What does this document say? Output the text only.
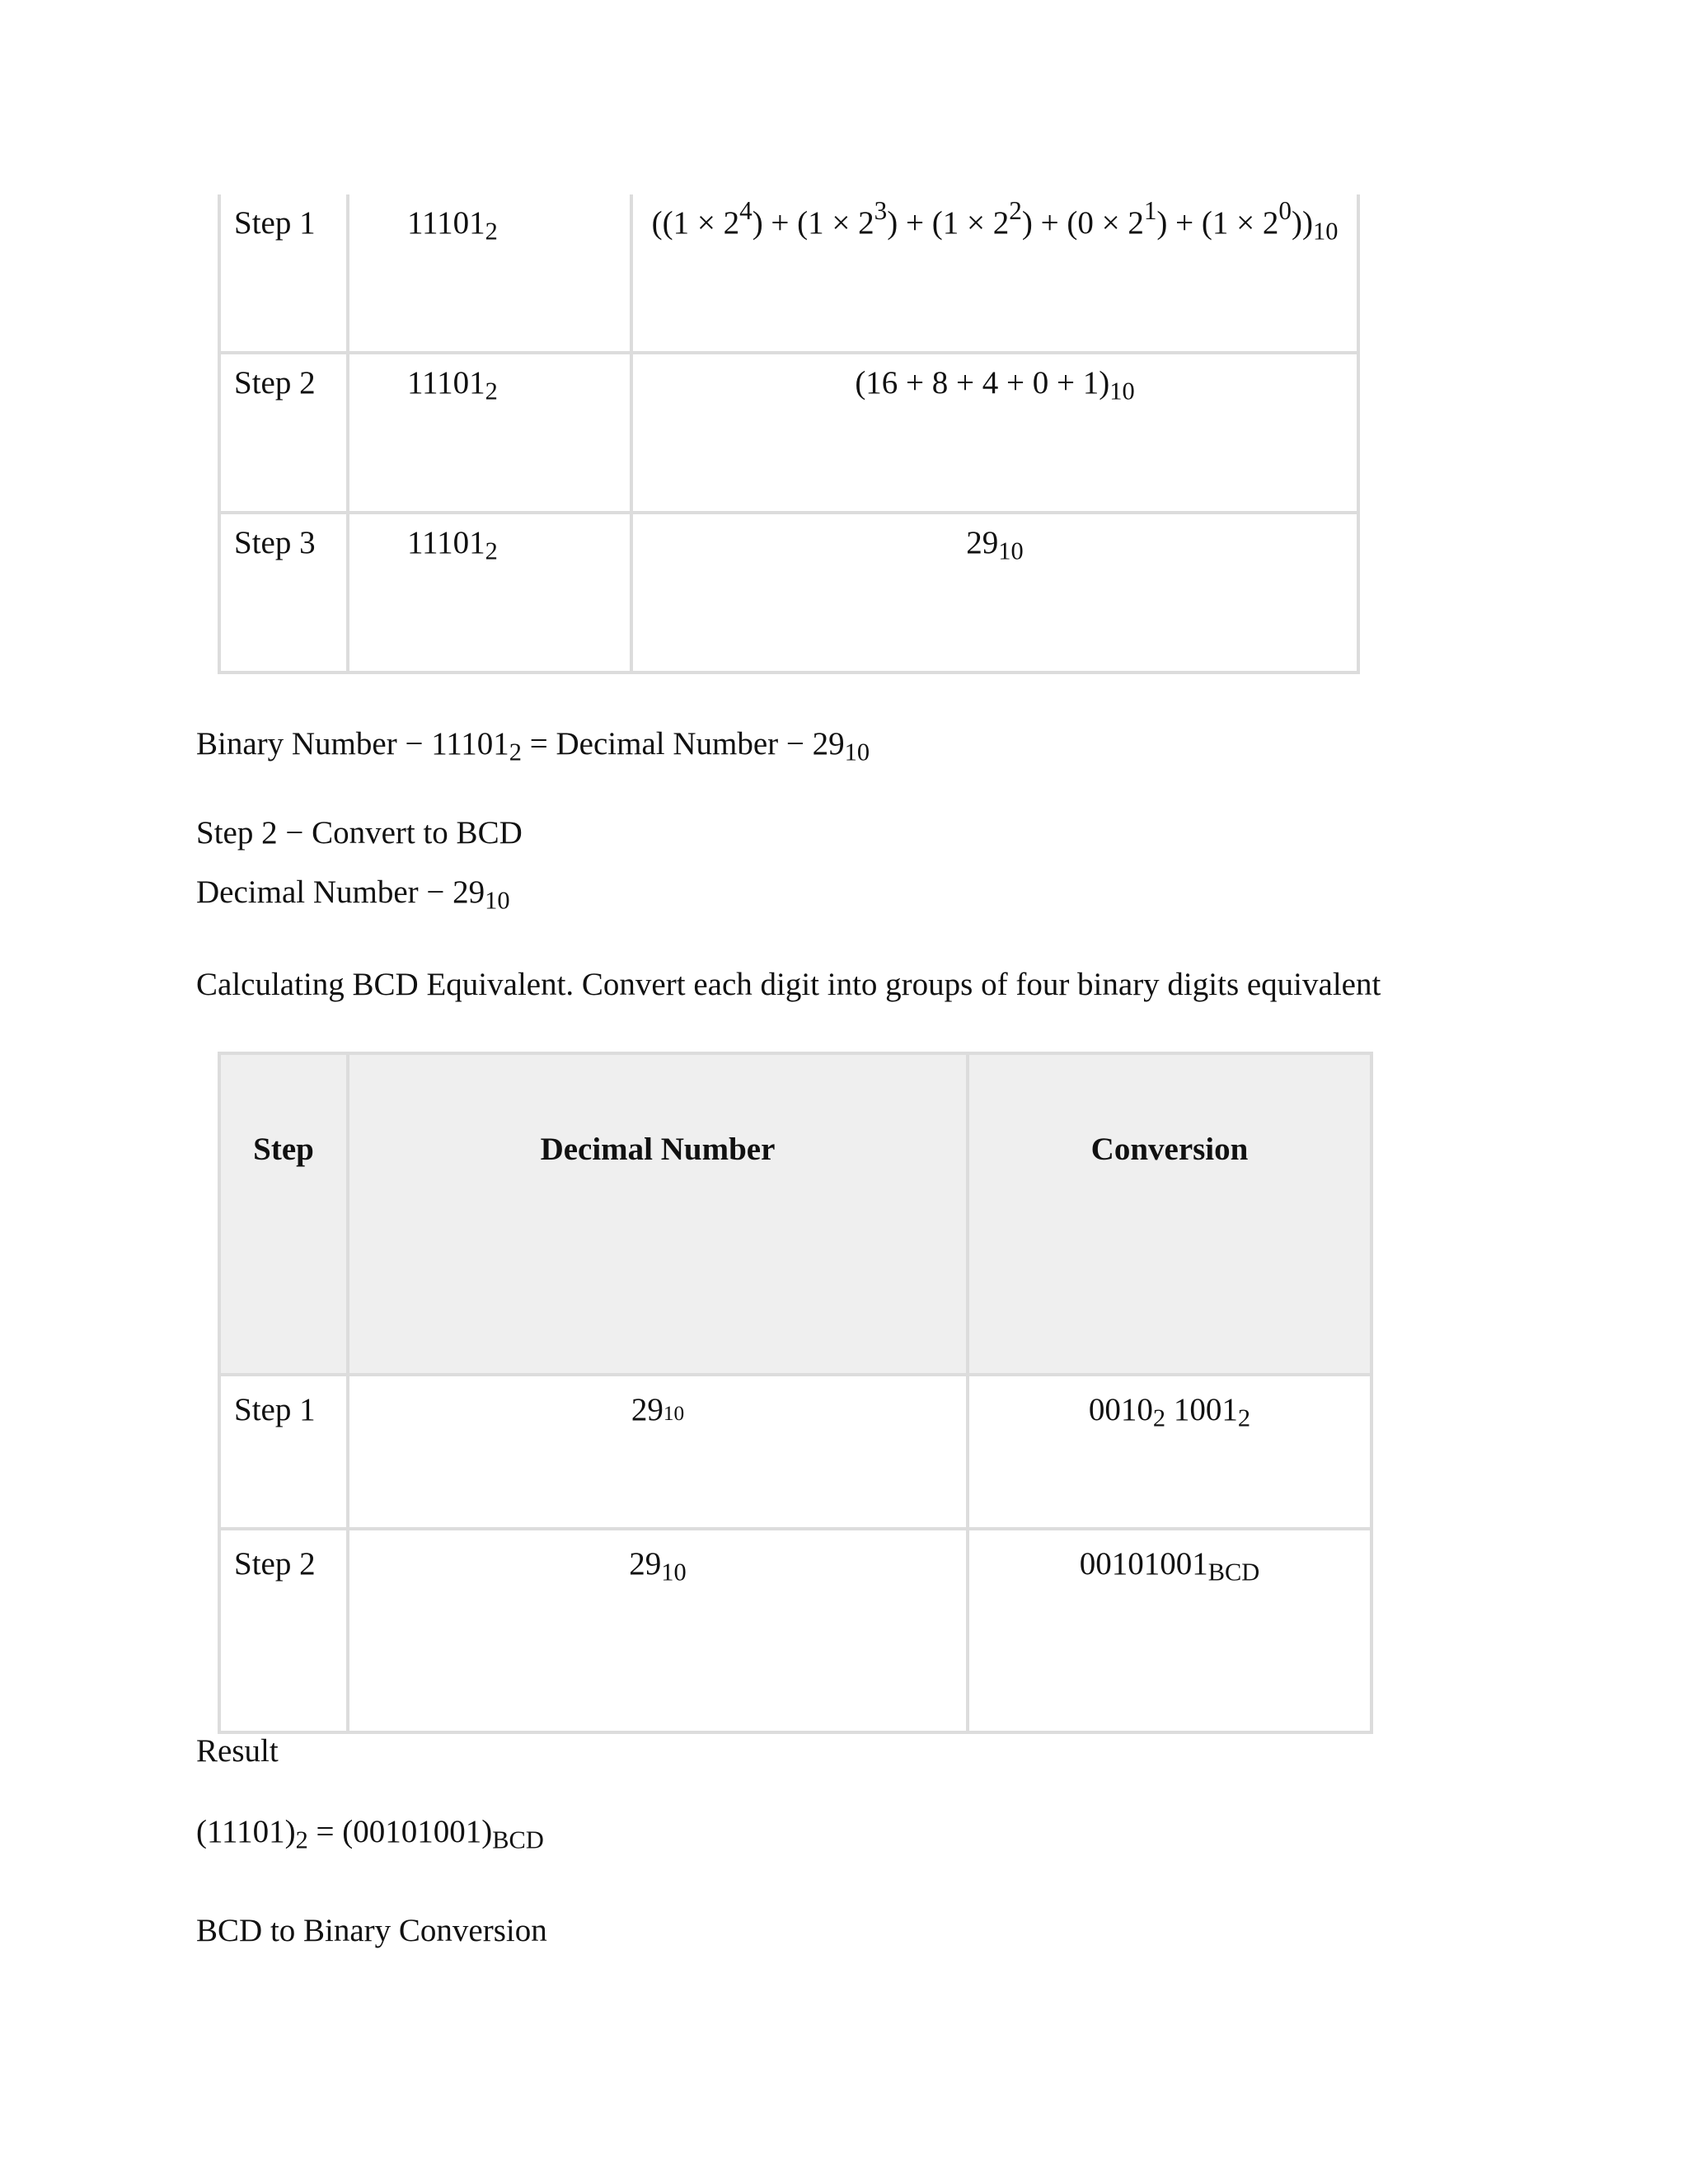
Step 1	$11101_2$	$((1 \times 2^4) + (1 \times 2^3) + (1 \times 2^2) + (0 \times 2^1) + (1 \times 2^0))_{10}$
Step 2	$11101_2$	$(16 + 8 + 4 + 0 + 1)_{10}$
Step 3	$11101_2$	$29_{10}$

Binary Number − $11101_2$ = Decimal Number − $29_{10}$

Step 2 − Convert to BCD

Decimal Number − $29_{10}$

Calculating BCD Equivalent. Convert each digit into groups of four binary digits equivalent

Step	Decimal Number	Conversion
Step 1	2910	$0010_2$ $1001_2$
Step 2	$29_{10}$	$00101001_{BCD}$

Result

$(11101)_2 = (00101001)_{BCD}$

BCD to Binary Conversion
